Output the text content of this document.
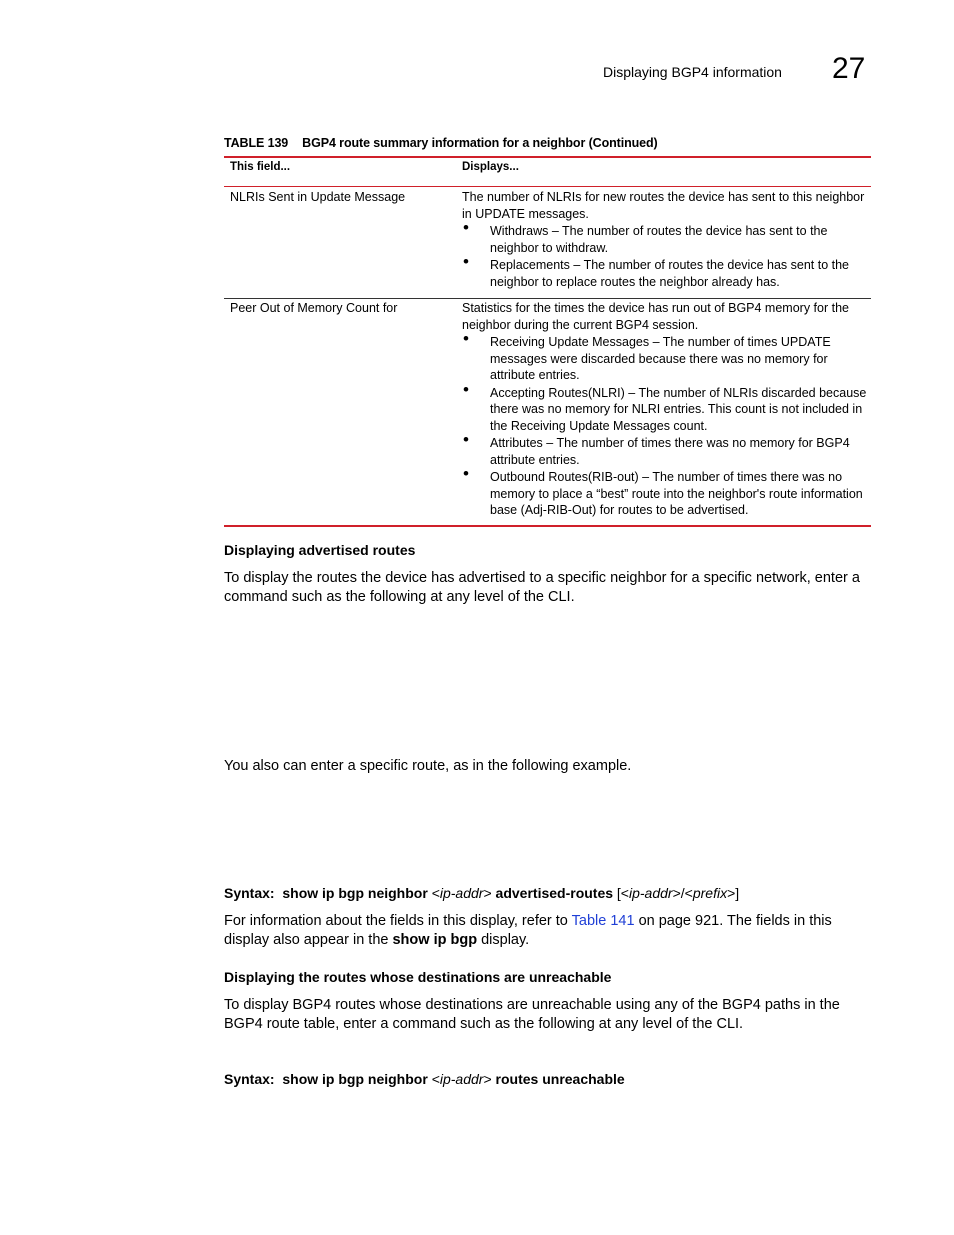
Displaying BGP4 information 27
TABLE 139 BGP4 route summary information for a neighbor (Continued)
This field...	Displays...
NLRIs Sent in Update Message	The number of NLRIs for new routes the device has sent to this neighbor in UPDATE messages.
• Withdraws – The number of routes the device has sent to the neighbor to withdraw.
• Replacements – The number of routes the device has sent to the neighbor to replace routes the neighbor already has.
Peer Out of Memory Count for	Statistics for the times the device has run out of BGP4 memory for the neighbor during the current BGP4 session.
• Receiving Update Messages – The number of times UPDATE messages were discarded because there was no memory for attribute entries.
• Accepting Routes(NLRI) – The number of NLRIs discarded because there was no memory for NLRI entries. This count is not included in the Receiving Update Messages count.
• Attributes – The number of times there was no memory for BGP4 attribute entries.
• Outbound Routes(RIB-out) – The number of times there was no memory to place a “best” route into the neighbor's route information base (Adj-RIB-Out) for routes to be advertised.
Displaying advertised routes
To display the routes the device has advertised to a specific neighbor for a specific network, enter a command such as the following at any level of the CLI.
You also can enter a specific route, as in the following example.
Syntax: show ip bgp neighbor <ip-addr> advertised-routes [<ip-addr>/<prefix>]
For information about the fields in this display, refer to Table 141 on page 921. The fields in this display also appear in the show ip bgp display.
Displaying the routes whose destinations are unreachable
To display BGP4 routes whose destinations are unreachable using any of the BGP4 paths in the BGP4 route table, enter a command such as the following at any level of the CLI.
Syntax: show ip bgp neighbor <ip-addr> routes unreachable
